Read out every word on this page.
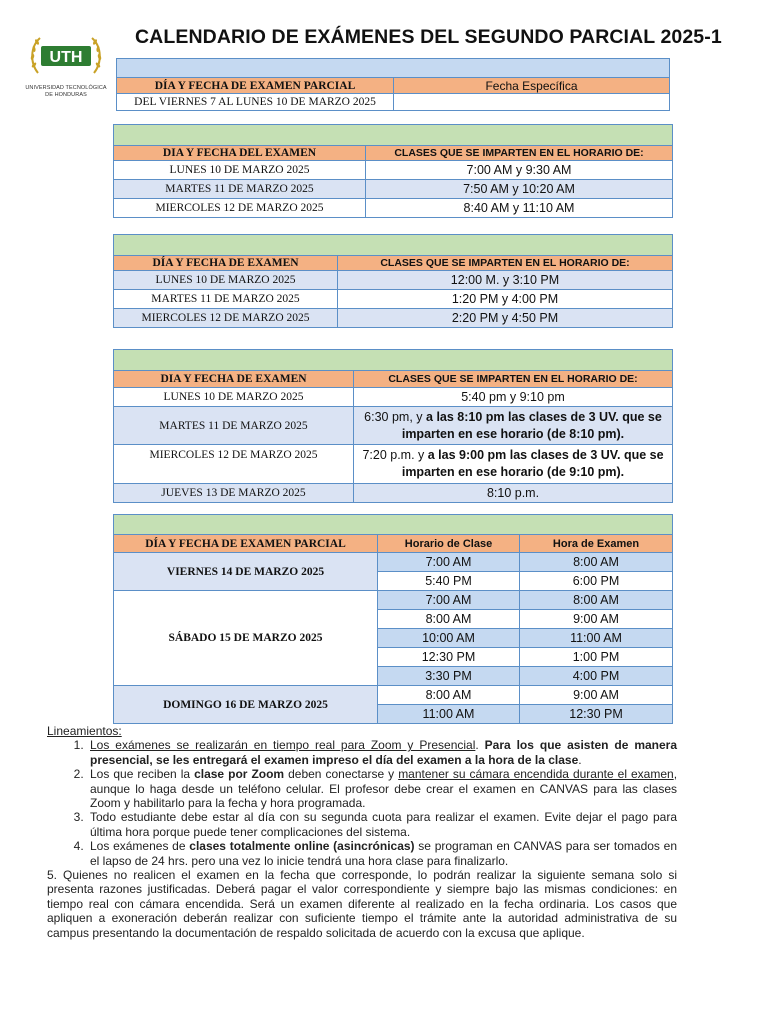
UTH
UNIVERSIDAD TECNOLÓGICA
DE HONDURAS
CALENDARIO DE EXÁMENES DEL SEGUNDO PARCIAL 2025-1

DÍA Y FECHA DE EXAMEN PARCIAL	Fecha Específica
DEL VIERNES 7 AL LUNES 10 DE MARZO 2025	

DIA Y FECHA DEL EXAMEN	CLASES QUE SE IMPARTEN EN EL HORARIO DE:
LUNES 10 DE MARZO 2025	7:00 AM y 9:30 AM
MARTES 11 DE MARZO 2025	7:50 AM y 10:20 AM
MIERCOLES 12 DE MARZO 2025	8:40 AM y 11:10 AM

DÍA Y FECHA DE EXAMEN	CLASES QUE SE IMPARTEN EN EL HORARIO DE:
LUNES 10 DE MARZO 2025	12:00 M. y 3:10 PM
MARTES 11 DE MARZO 2025	1:20 PM y 4:00 PM
MIERCOLES 12 DE MARZO 2025	2:20 PM y 4:50 PM

DIA Y FECHA DE EXAMEN	CLASES QUE SE IMPARTEN EN EL HORARIO DE:
LUNES 10 DE MARZO 2025	5:40 pm y 9:10 pm
MARTES 11 DE MARZO 2025	6:30 pm, y a las 8:10 pm las clases de 3 UV. que se imparten en ese horario (de 8:10 pm).
MIERCOLES 12 DE MARZO 2025	7:20 p.m. y a las 9:00 pm las clases de 3 UV. que se imparten en ese horario (de 9:10 pm).
JUEVES 13 DE MARZO 2025	8:10 p.m.

DÍA Y FECHA DE EXAMEN PARCIAL	Horario de Clase	Hora de Examen
VIERNES 14 DE MARZO 2025	7:00 AM	8:00 AM
	5:40 PM	6:00 PM
SÁBADO 15 DE MARZO 2025	7:00 AM	8:00 AM
	8:00 AM	9:00 AM
	10:00 AM	11:00 AM
	12:30 PM	1:00 PM
	3:30 PM	4:00 PM
DOMINGO 16 DE MARZO 2025	8:00 AM	9:00 AM
	11:00 AM	12:30 PM
Lineamientos:
1. Los exámenes se realizarán en tiempo real para Zoom y Presencial. Para los que asisten de manera presencial, se les entregará el examen impreso el día del examen a la hora de la clase.
2. Los que reciben la clase por Zoom deben conectarse y mantener su cámara encendida durante el examen, aunque lo haga desde un teléfono celular. El profesor debe crear el examen en CANVAS para las clases Zoom y habilitarlo para la fecha y hora programada.
3. Todo estudiante debe estar al día con su segunda cuota para realizar el examen. Evite dejar el pago para última hora porque puede tener complicaciones del sistema.
4. Los exámenes de clases totalmente online (asincrónicas) se programan en CANVAS para ser tomados en el lapso de 24 hrs. pero una vez lo inicie tendrá una hora clase para finalizarlo.
5. Quienes no realicen el examen en la fecha que corresponde, lo podrán realizar la siguiente semana solo si presenta razones justificadas. Deberá pagar el valor correspondiente y siempre bajo las mismas condiciones: en tiempo real con cámara encendida. Será un examen diferente al realizado en la fecha ordinaria. Los casos que apliquen a exoneración deberán realizar con suficiente tiempo el trámite ante la autoridad administrativa de su campus presentando la documentación de respaldo solicitada de acuerdo con la excusa que aplique.
